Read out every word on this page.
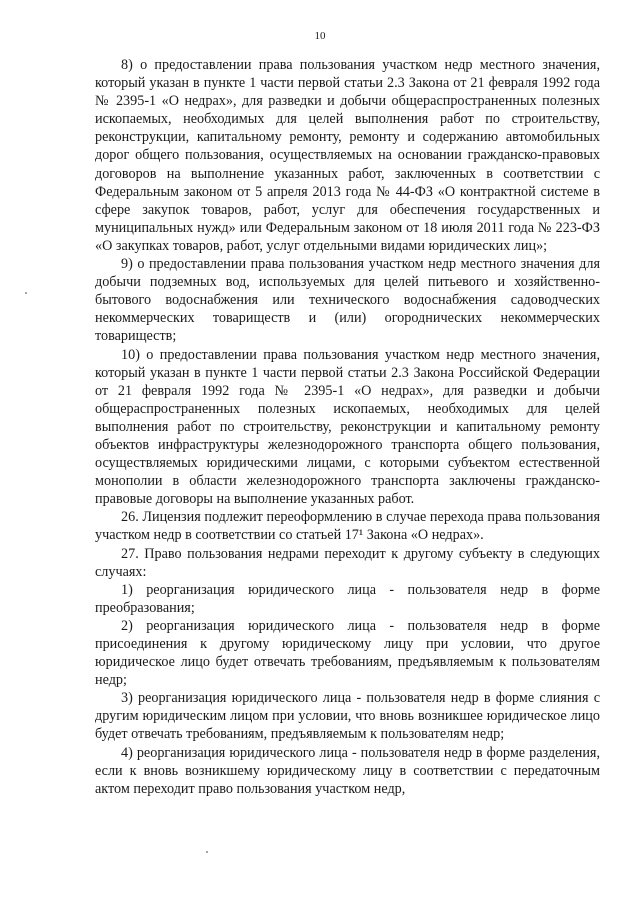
10

8) о предоставлении права пользования участком недр местного значения, который указан в пункте 1 части первой статьи 2.3 Закона от 21 февраля 1992 года № 2395-1 «О недрах», для разведки и добычи общераспространенных полезных ископаемых, необходимых для целей выполнения работ по строительству, реконструкции, капитальному ремонту, ремонту и содержанию автомобильных дорог общего пользования, осуществляемых на основании гражданско-правовых договоров на выполнение указанных работ, заключенных в соответствии с Федеральным законом от 5 апреля 2013 года № 44-ФЗ «О контрактной системе в сфере закупок товаров, работ, услуг для обеспечения государственных и муниципальных нужд» или Федеральным законом от 18 июля 2011 года № 223-ФЗ «О закупках товаров, работ, услуг отдельными видами юридических лиц»;

9) о предоставлении права пользования участком недр местного значения для добычи подземных вод, используемых для целей питьевого и хозяйственно-бытового водоснабжения или технического водоснабжения садоводческих некоммерческих товариществ и (или) огороднических некоммерческих товариществ;

10) о предоставлении права пользования участком недр местного значения, который указан в пункте 1 части первой статьи 2.3 Закона Российской Федерации от 21 февраля 1992 года № 2395-1 «О недрах», для разведки и добычи общераспространенных полезных ископаемых, необходимых для целей выполнения работ по строительству, реконструкции и капитальному ремонту объектов инфраструктуры железнодорожного транспорта общего пользования, осуществляемых юридическими лицами, с которыми субъектом естественной монополии в области железнодорожного транспорта заключены гражданско-правовые договоры на выполнение указанных работ.

26. Лицензия подлежит переоформлению в случае перехода права пользования участком недр в соответствии со статьей 17¹ Закона «О недрах».

27. Право пользования недрами переходит к другому субъекту в следующих случаях:

1) реорганизация юридического лица - пользователя недр в форме преобразования;

2) реорганизация юридического лица - пользователя недр в форме присоединения к другому юридическому лицу при условии, что другое юридическое лицо будет отвечать требованиям, предъявляемым к пользователям недр;

3) реорганизация юридического лица - пользователя недр в форме слияния с другим юридическим лицом при условии, что вновь возникшее юридическое лицо будет отвечать требованиям, предъявляемым к пользователям недр;

4) реорганизация юридического лица - пользователя недр в форме разделения, если к вновь возникшему юридическому лицу в соответствии с передаточным актом переходит право пользования участком недр,
